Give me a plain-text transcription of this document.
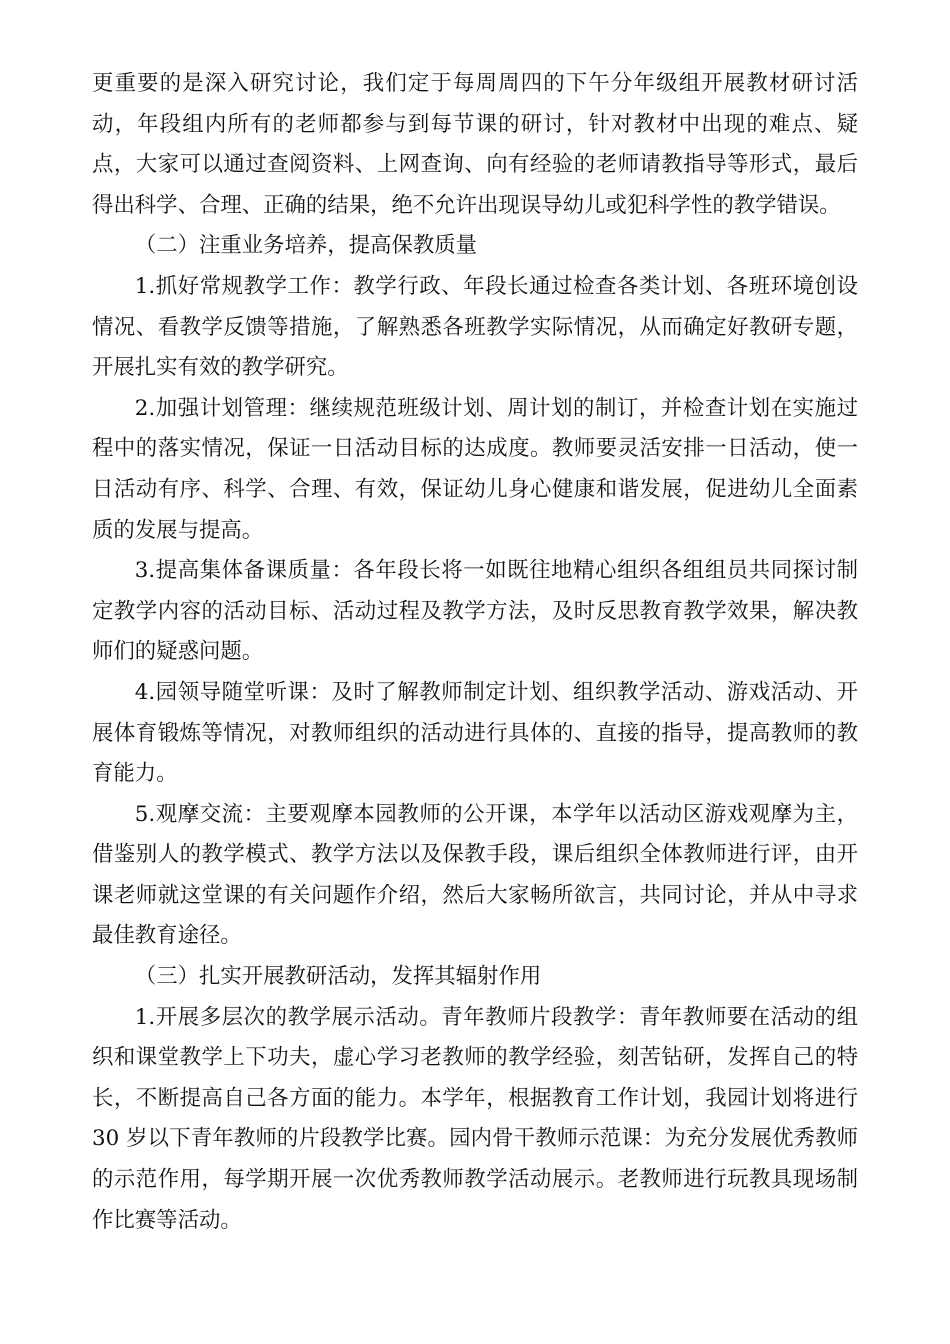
更重要的是深入研究讨论，我们定于每周周四的下午分年级组开展教材研讨活动，年段组内所有的老师都参与到每节课的研讨，针对教材中出现的难点、疑点，大家可以通过查阅资料、上网查询、向有经验的老师请教指导等形式，最后得出科学、合理、正确的结果，绝不允许出现误导幼儿或犯科学性的教学错误。

（二）注重业务培养，提高保教质量

1.抓好常规教学工作：教学行政、年段长通过检查各类计划、各班环境创设情况、看教学反馈等措施，了解熟悉各班教学实际情况，从而确定好教研专题，开展扎实有效的教学研究。

2.加强计划管理：继续规范班级计划、周计划的制订，并检查计划在实施过程中的落实情况，保证一日活动目标的达成度。教师要灵活安排一日活动，使一日活动有序、科学、合理、有效，保证幼儿身心健康和谐发展，促进幼儿全面素质的发展与提高。

3.提高集体备课质量：各年段长将一如既往地精心组织各组组员共同探讨制定教学内容的活动目标、活动过程及教学方法，及时反思教育教学效果，解决教师们的疑惑问题。

4.园领导随堂听课：及时了解教师制定计划、组织教学活动、游戏活动、开展体育锻炼等情况，对教师组织的活动进行具体的、直接的指导，提高教师的教育能力。

5.观摩交流：主要观摩本园教师的公开课，本学年以活动区游戏观摩为主，借鉴别人的教学模式、教学方法以及保教手段，课后组织全体教师进行评，由开课老师就这堂课的有关问题作介绍，然后大家畅所欲言，共同讨论，并从中寻求最佳教育途径。

（三）扎实开展教研活动，发挥其辐射作用

1.开展多层次的教学展示活动。青年教师片段教学：青年教师要在活动的组织和课堂教学上下功夫，虚心学习老教师的教学经验，刻苦钻研，发挥自己的特长，不断提高自己各方面的能力。本学年，根据教育工作计划，我园计划将进行 30 岁以下青年教师的片段教学比赛。园内骨干教师示范课：为充分发展优秀教师的示范作用，每学期开展一次优秀教师教学活动展示。老教师进行玩教具现场制作比赛等活动。
